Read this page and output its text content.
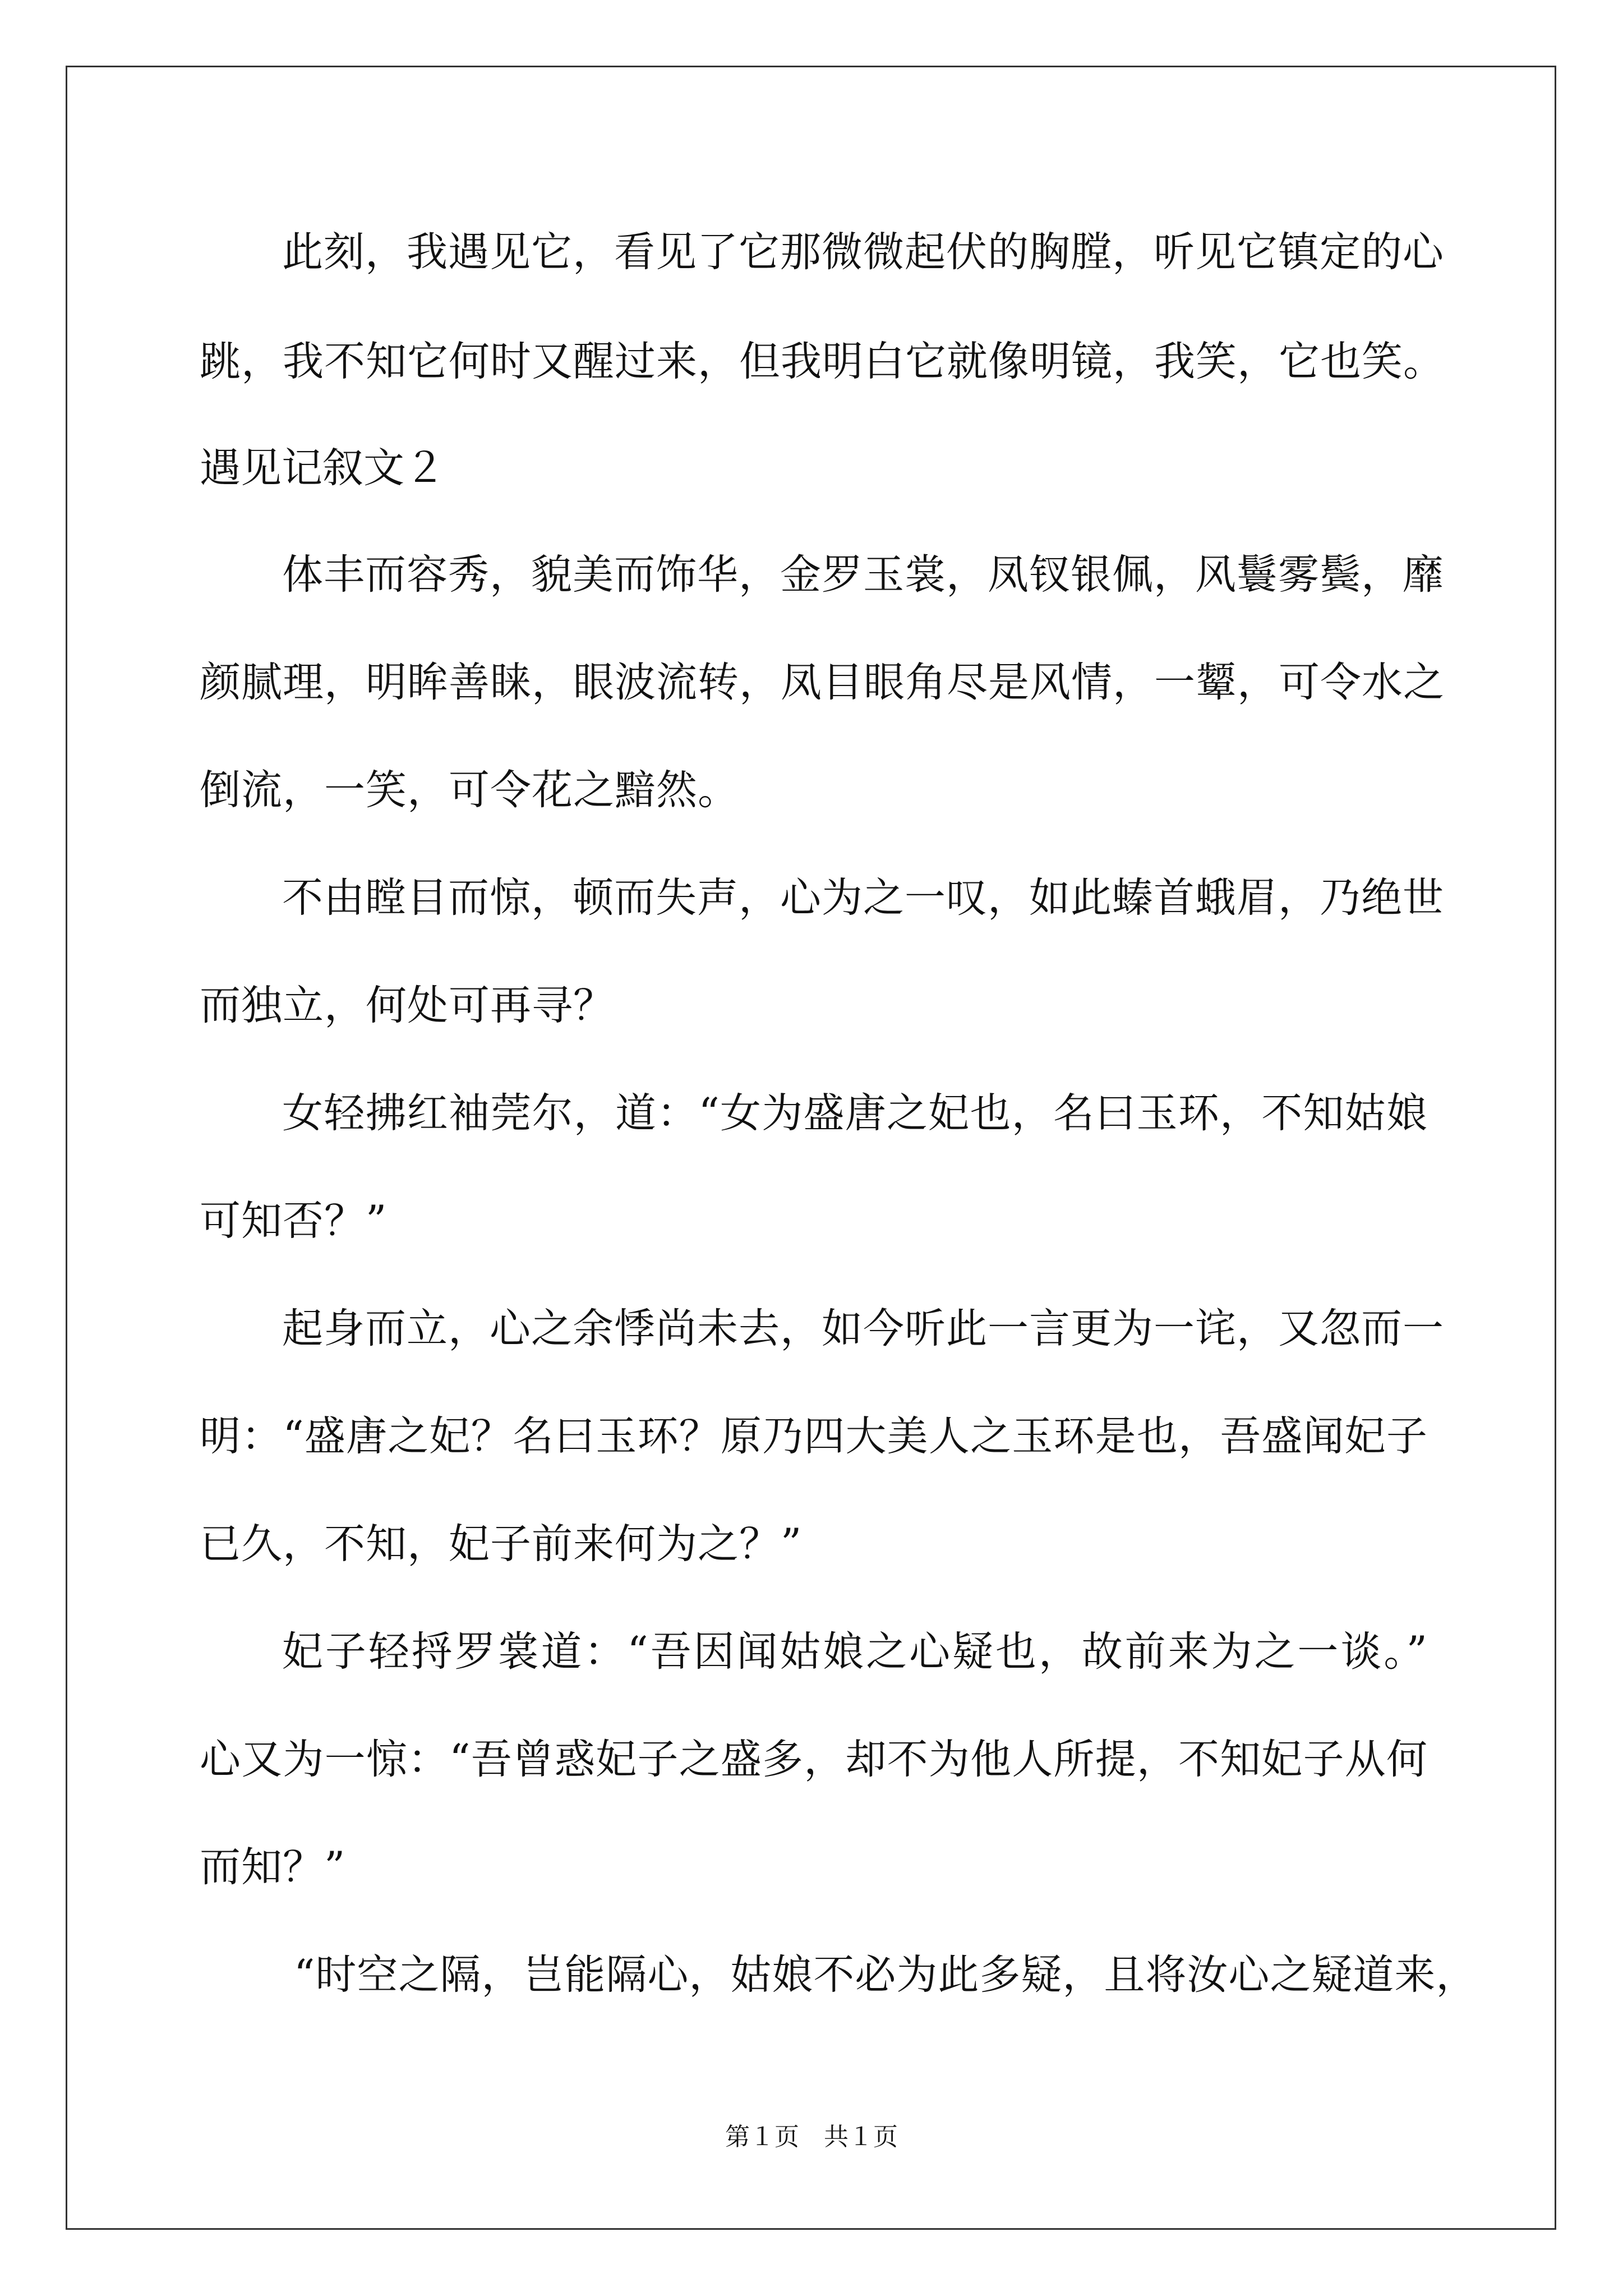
此刻，我遇见它，看见了它那微微起伏的胸膛，听见它镇定的心
跳，我不知它何时又醒过来，但我明白它就像明镜，我笑，它也笑。
遇见记叙文２
体丰而容秀，貌美而饰华，金罗玉裳，凤钗银佩，风鬟雾鬓，靡
颜腻理，明眸善睐，眼波流转，凤目眼角尽是风情，一颦，可令水之
倒流，一笑，可令花之黯然。
不由瞠目而惊，顿而失声，心为之一叹，如此螓首蛾眉，乃绝世
而独立，何处可再寻？
女轻拂红袖莞尔，道：“女为盛唐之妃也，名曰玉环，不知姑娘
可知否？”
起身而立，心之余悸尚未去，如今听此一言更为一诧，又忽而一
明：“盛唐之妃？名曰玉环？原乃四大美人之玉环是也，吾盛闻妃子
已久，不知，妃子前来何为之？”
妃子轻捋罗裳道：“吾因闻姑娘之心疑也，故前来为之一谈。”
心又为一惊：“吾曾惑妃子之盛多，却不为他人所提，不知妃子从何
而知？”
“时空之隔，岂能隔心，姑娘不必为此多疑，且将汝心之疑道来，
第１页　共１页
